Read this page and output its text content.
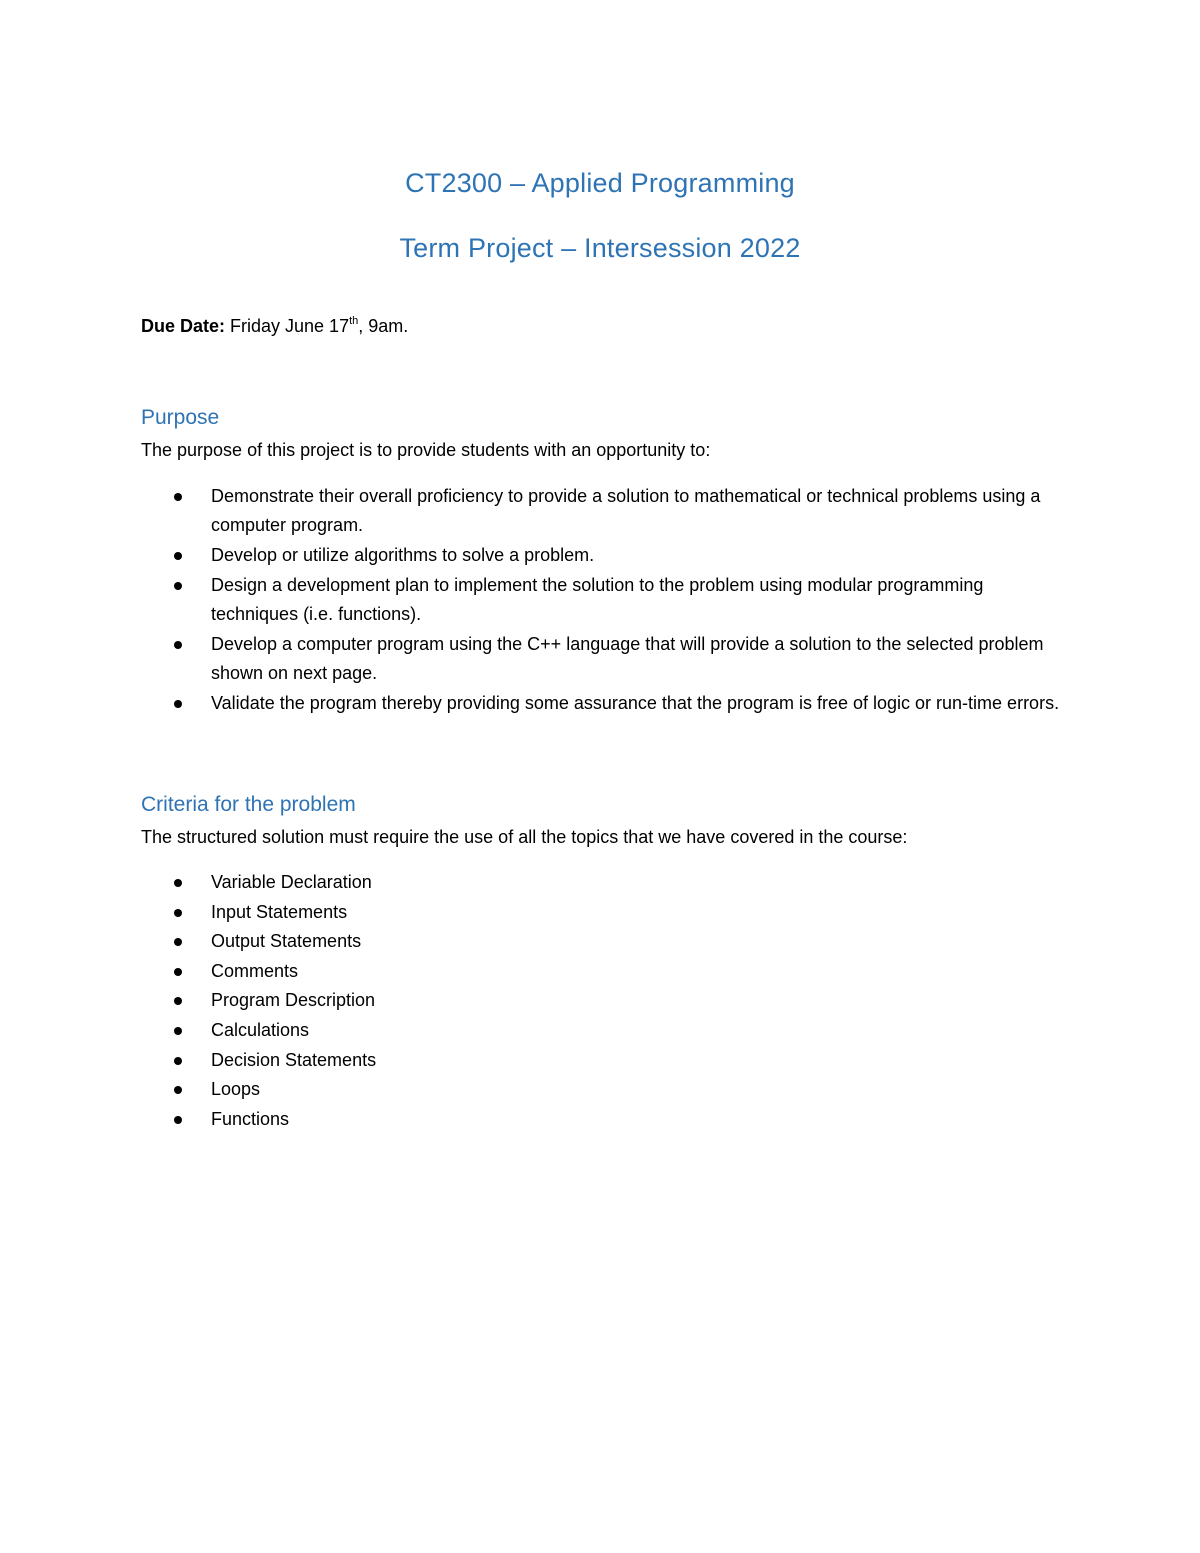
CT2300 – Applied Programming
Term Project – Intersession 2022

Due Date: Friday June 17th, 9am.

Purpose

The purpose of this project is to provide students with an opportunity to:

Demonstrate their overall proficiency to provide a solution to mathematical or technical problems using a computer program.
Develop or utilize algorithms to solve a problem.
Design a development plan to implement the solution to the problem using modular programming techniques (i.e. functions).
Develop a computer program using the C++ language that will provide a solution to the selected problem shown on next page.
Validate the program thereby providing some assurance that the program is free of logic or run-time errors.
Criteria for the problem

The structured solution must require the use of all the topics that we have covered in the course:

Variable Declaration
Input Statements
Output Statements
Comments
Program Description
Calculations
Decision Statements
Loops
Functions
